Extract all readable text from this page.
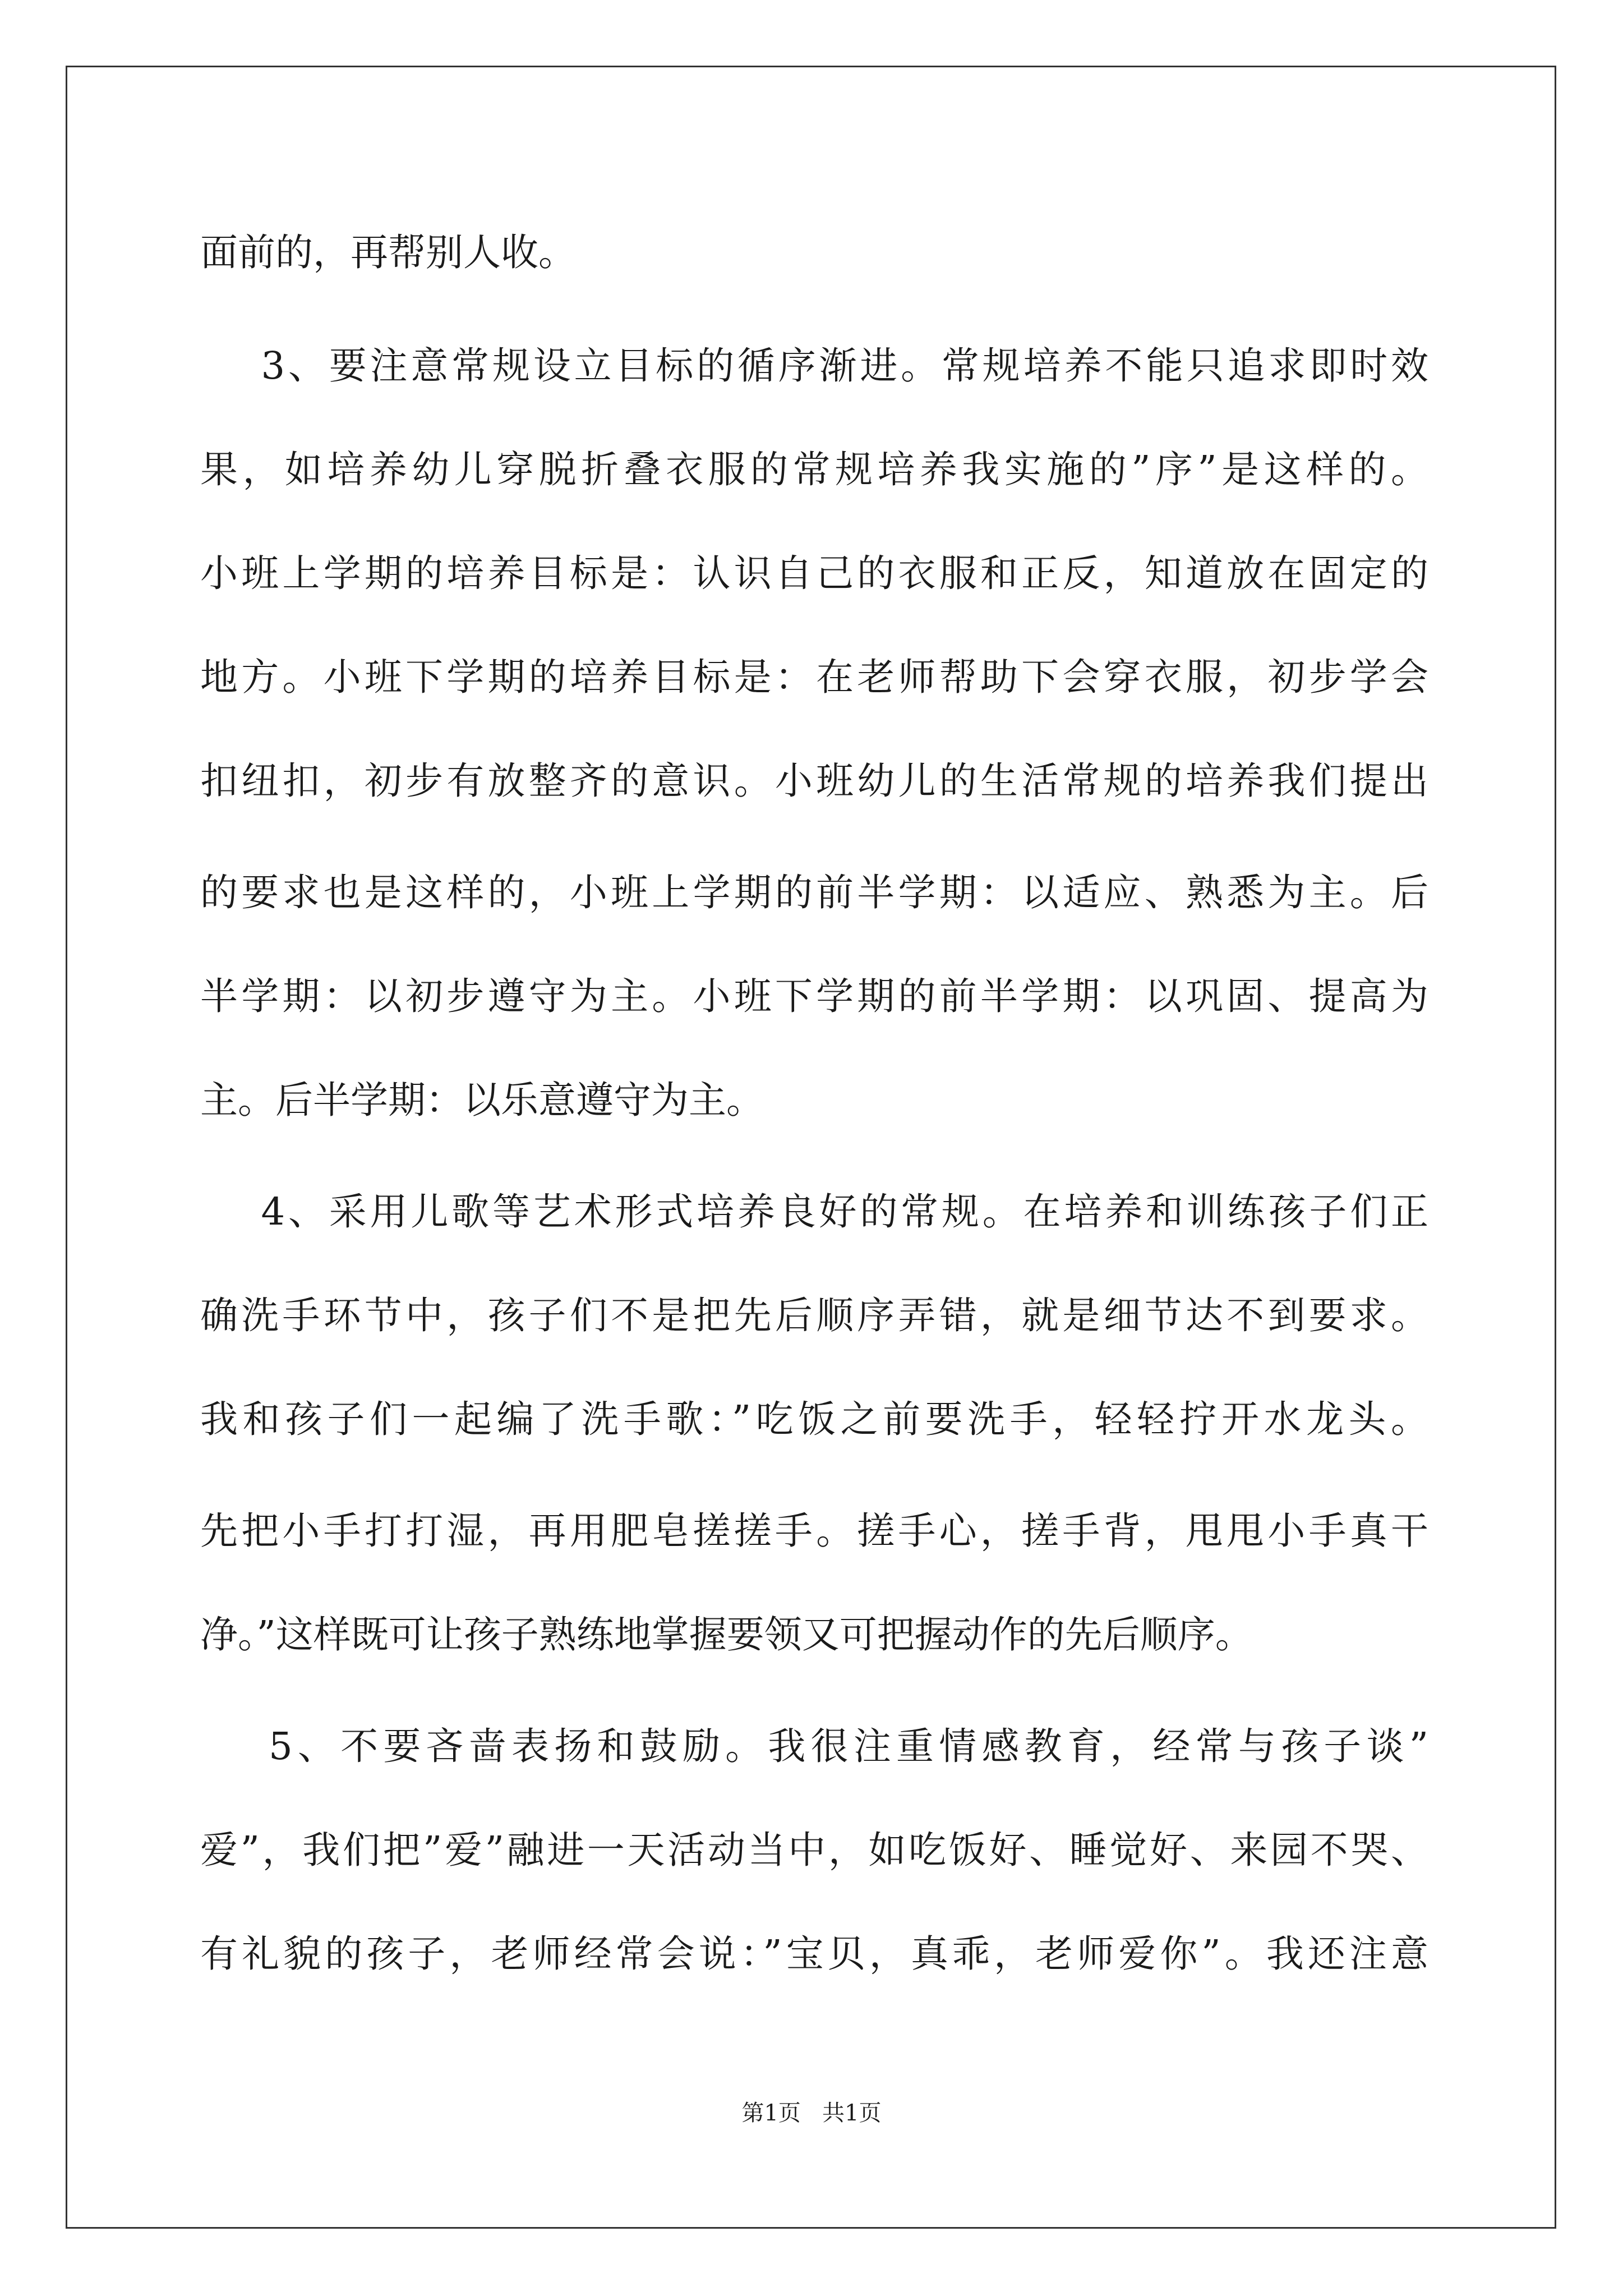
面前的，再帮别人收。
3、要注意常规设立目标的循序渐进。常规培养不能只追求即时效
果，如培养幼儿穿脱折叠衣服的常规培养我实施的”序”是这样的。
小班上学期的培养目标是：认识自己的衣服和正反，知道放在固定的
地方。小班下学期的培养目标是：在老师帮助下会穿衣服，初步学会
扣纽扣，初步有放整齐的意识。小班幼儿的生活常规的培养我们提出
的要求也是这样的，小班上学期的前半学期：以适应、熟悉为主。后
半学期：以初步遵守为主。小班下学期的前半学期：以巩固、提高为
主。后半学期：以乐意遵守为主。
4、采用儿歌等艺术形式培养良好的常规。在培养和训练孩子们正
确洗手环节中，孩子们不是把先后顺序弄错，就是细节达不到要求。
我和孩子们一起编了洗手歌：”吃饭之前要洗手，轻轻拧开水龙头。
先把小手打打湿，再用肥皂搓搓手。搓手心，搓手背，甩甩小手真干
净。”这样既可让孩子熟练地掌握要领又可把握动作的先后顺序。
5、不要吝啬表扬和鼓励。我很注重情感教育，经常与孩子谈”
爱”，我们把”爱”融进一天活动当中，如吃饭好、睡觉好、来园不哭、
有礼貌的孩子，老师经常会说：”宝贝，真乖，老师爱你”。我还注意
第1页   共1页
